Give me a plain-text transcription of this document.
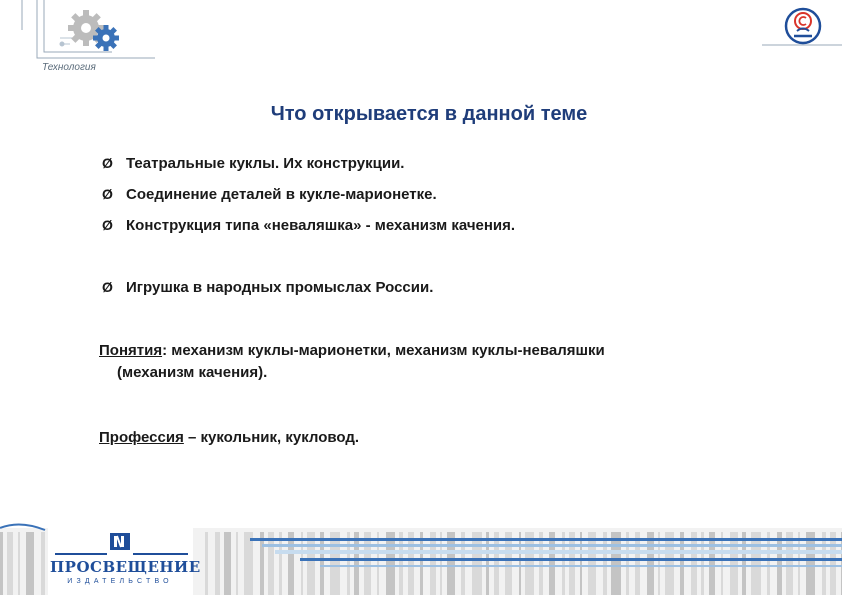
Технология
Что открывается в данной теме
Ø Театральные куклы. Их конструкции.
Ø Соединение деталей в кукле-марионетке.
Ø Конструкция типа «неваляшка» - механизм качения.
Ø Игрушка в народных промыслах России.
Понятия: механизм куклы-марионетки, механизм куклы-неваляшки
(механизм качения).
Профессия – кукольник, кукловод.
ПРОСВЕЩЕНИЕ
ИЗДАТЕЛЬСТВО
